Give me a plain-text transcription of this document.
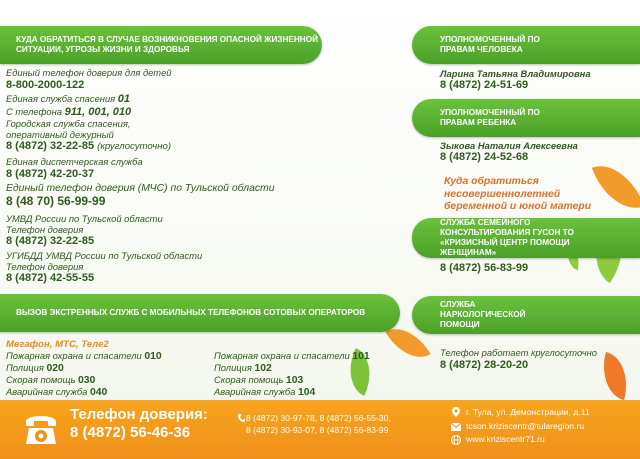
КУДА ОБРАТИТЬСЯ В СЛУЧАЕ ВОЗНИКНОВЕНИЯ ОПАСНОЙ ЖИЗНЕННОЙ СИТУАЦИИ, УГРОЗЫ ЖИЗНИ И ЗДОРОВЬЯ
Единый телефон доверия для детей
8-800-2000-122
Единая служба спасения 01
С телефона 911, 001, 010
Городская служба спасения,
оперативный дежурный
8 (4872) 32-22-85 (круглосуточно)
Единая диспетчерская служба
8 (4872) 42-20-37
Единый телефон доверия (МЧС) по Тульской области
8 (48 70) 56-99-99
УМВД России по Тульской области
Телефон доверия
8 (4872) 32-22-85
УГИБДД УМВД России по Тульской области
Телефон доверия
8 (4872) 42-55-55
ВЫЗОВ ЭКСТРЕННЫХ СЛУЖБ С МОБИЛЬНЫХ ТЕЛЕФОНОВ СОТОВЫХ ОПЕРАТОРОВ
Мегафон, МТС, Теле2
Пожарная охрана и спасатели 010
Полиция 020
Скорая помощь 030
Аварийная служба 040
Пожарная охрана и спасатели 101
Полиция 102
Скорая помощь 103
Аварийная служба 104
УПОЛНОМОЧЕННЫЙ ПО ПРАВАМ ЧЕЛОВЕКА
Ларина Татьяна Владимировна
8 (4872) 24-51-69
УПОЛНОМОЧЕННЫЙ ПО ПРАВАМ РЕБЕНКА
Зыкова Наталия Алексеевна
8 (4872) 24-52-68
Куда обратиться несовершеннолетней беременной и юной матери
СЛУЖБА СЕМЕЙНОГО КОНСУЛЬТИРОВАНИЯ ГУСОН ТО «КРИЗИСНЫЙ ЦЕНТР ПОМОЩИ ЖЕНЩИНАМ»
8 (4872) 56-83-99
СЛУЖБА НАРКОЛОГИЧЕСКОЙ ПОМОЩИ
Телефон работает круглосуточно
8 (4872) 28-20-20
Телефон доверия:
8 (4872) 56-46-36
8 (4872) 30-97-78, 8 (4872) 56-55-30,
8 (4872) 30-93-07, 8 (4872) 56-83-99
г. Тула, ул. Демонстрации, д.11
tcson.kriziscentr@tularegion.ru
www.kriziscentr71.ru
